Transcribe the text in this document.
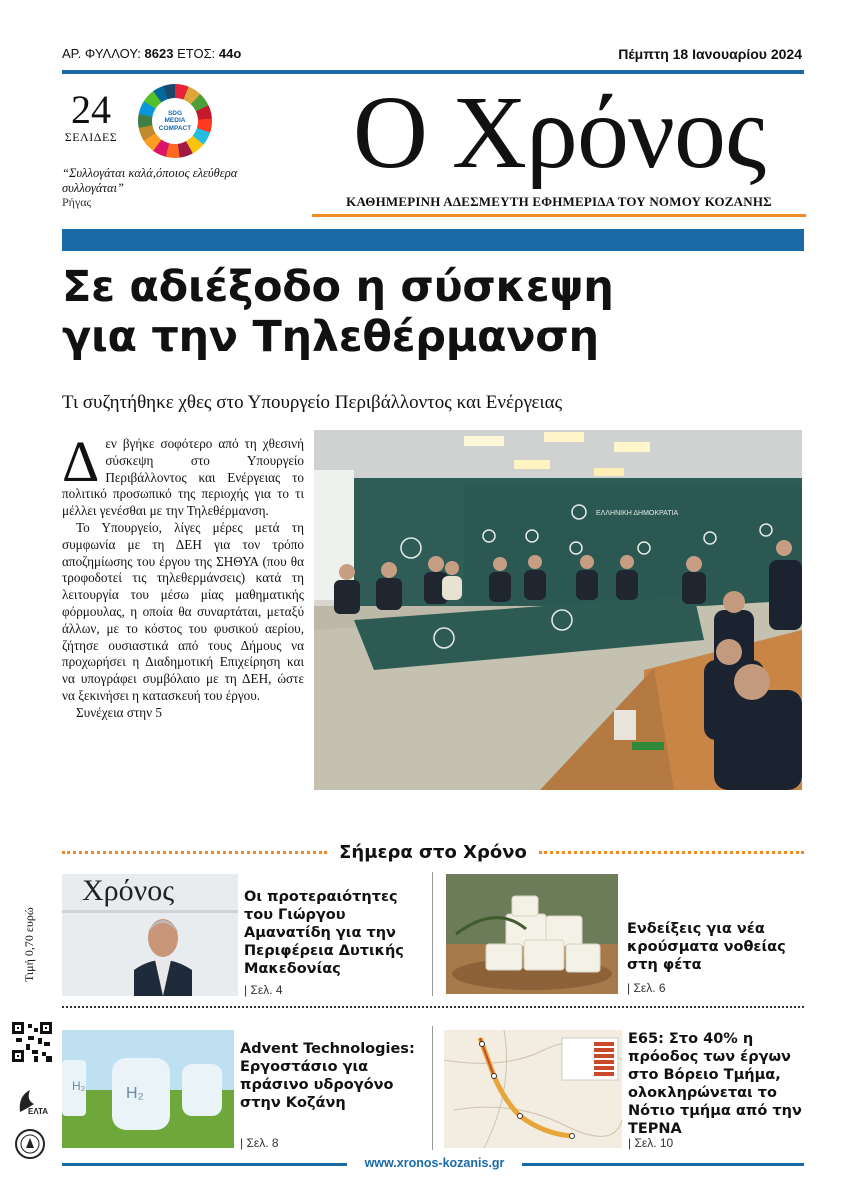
ΑΡ. ΦΥΛΛΟΥ: 8623 ΕΤΟΣ: 44ο	Πέμπτη 18 Ιανουαρίου 2024
24
ΣΕΛΙΔΕΣ
SDG
MEDIA
COMPACT
“Συλλογάται καλά,όποιος ελεύθερα συλλογάται”
Ρήγας
Ο Χρόνος
ΚΑΘΗΜΕΡΙΝΗ ΑΔΕΣΜΕΥΤΗ ΕΦΗΜΕΡΙΔΑ ΤΟΥ ΝΟΜΟΥ ΚΟΖΑΝΗΣ
Σε αδιέξοδο η σύσκεψη
για την Τηλεθέρμανση
Τι συζητήθηκε χθες στο Υπουργείο Περιβάλλοντος και Ενέργειας
Δ εν βγήκε σοφότερο από τη χθεσινή σύσκεψη στο Υπουργείο Περιβάλλοντος και Ενέργειας το πολιτικό προσωπικό της περιοχής για το τι μέλλει γενέσθαι με την Τηλεθέρμανση.

Το Υπουργείο, λίγες μέρες μετά τη συμφωνία με τη ΔΕΗ για τον τρόπο αποζημίωσης του έργου της ΣΗΘΥΑ (που θα τροφοδοτεί τις τηλεθερμάνσεις) κατά τη λειτουργία του μέσω μίας μαθηματικής φόρμουλας, η οποία θα συναρτάται, μεταξύ άλλων, με το κόστος του φυσικού αερίου, ζήτησε ουσιαστικά από τους Δήμους να προχωρήσει η Διαδημοτική Επιχείρηση και να υπογράφει συμβόλαιο με τη ΔΕΗ, ώστε να ξεκινήσει η κατασκευή του έργου.

Συνέχεια στην 5

ΕΛΛΗΝΙΚΗ ΔΗΜΟΚΡΑΤΙΑ
Σήμερα στο Χρόνο
Χρόνος	Οι προτεραιότητες του Γιώργου Αμανατίδη για την Περιφέρεια Δυτικής Μακεδονίας
| Σελ. 4
Ενδείξεις για νέα κρούσματα νοθείας στη φέτα
| Σελ. 6
H₂	H₂
Advent Technologies: Εργοστάσιο για πράσινο υδρογόνο στην Κοζάνη
| Σελ. 8
Ε65: Στο 40% η πρόοδος των έργων στο Βόρειο Τμήμα, ολοκληρώνεται το Νότιο τμήμα από την ΤΕΡΝΑ
| Σελ. 10
Τιμή 0,70 ευρώ
ΕΛΤΑ
www.xronos-kozanis.gr
